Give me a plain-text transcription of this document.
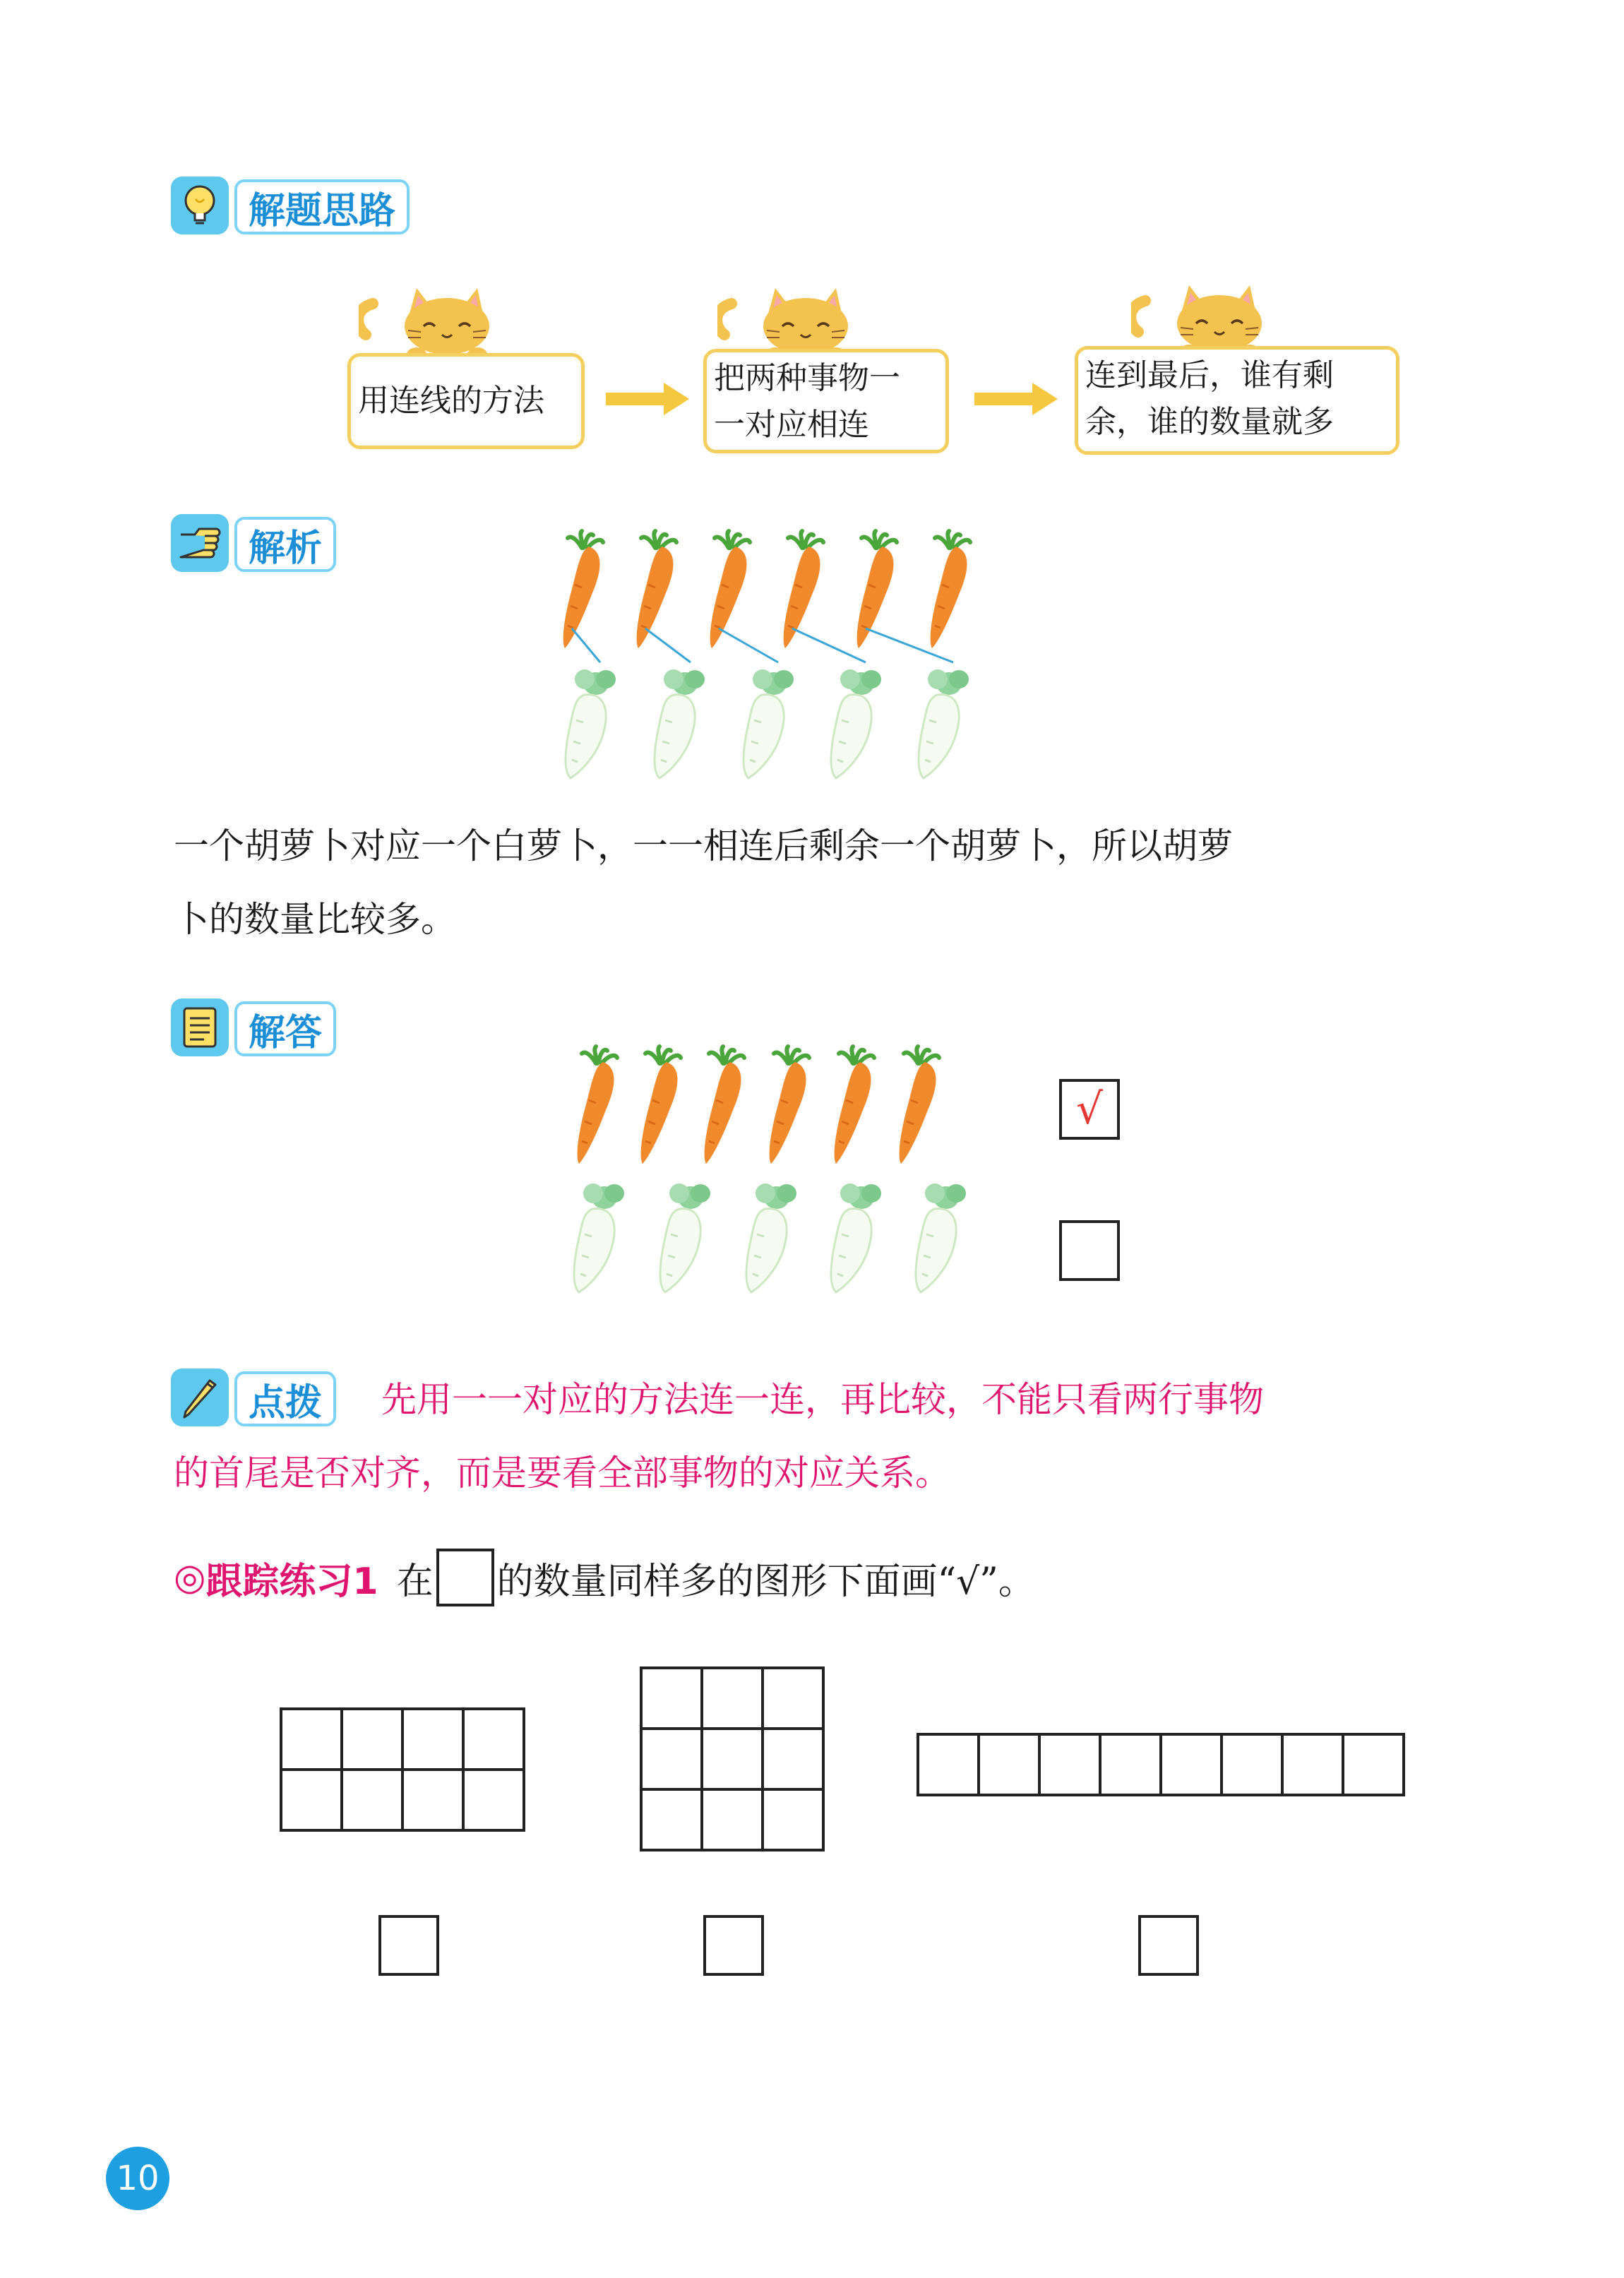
解题思路
用连线的方法
把两种事物一
一对应相连
连到最后，谁有剩
余，谁的数量就多
解析
一个胡萝卜对应一个白萝卜，一一相连后剩余一个胡萝卜，所以胡萝
卜的数量比较多。
解答
√
点拨	先用一一对应的方法连一连，再比较，不能只看两行事物
的首尾是否对齐，而是要看全部事物的对应关系。
◎ 跟踪练习1 在 的数量同样多的图形下面画“√”。
10
